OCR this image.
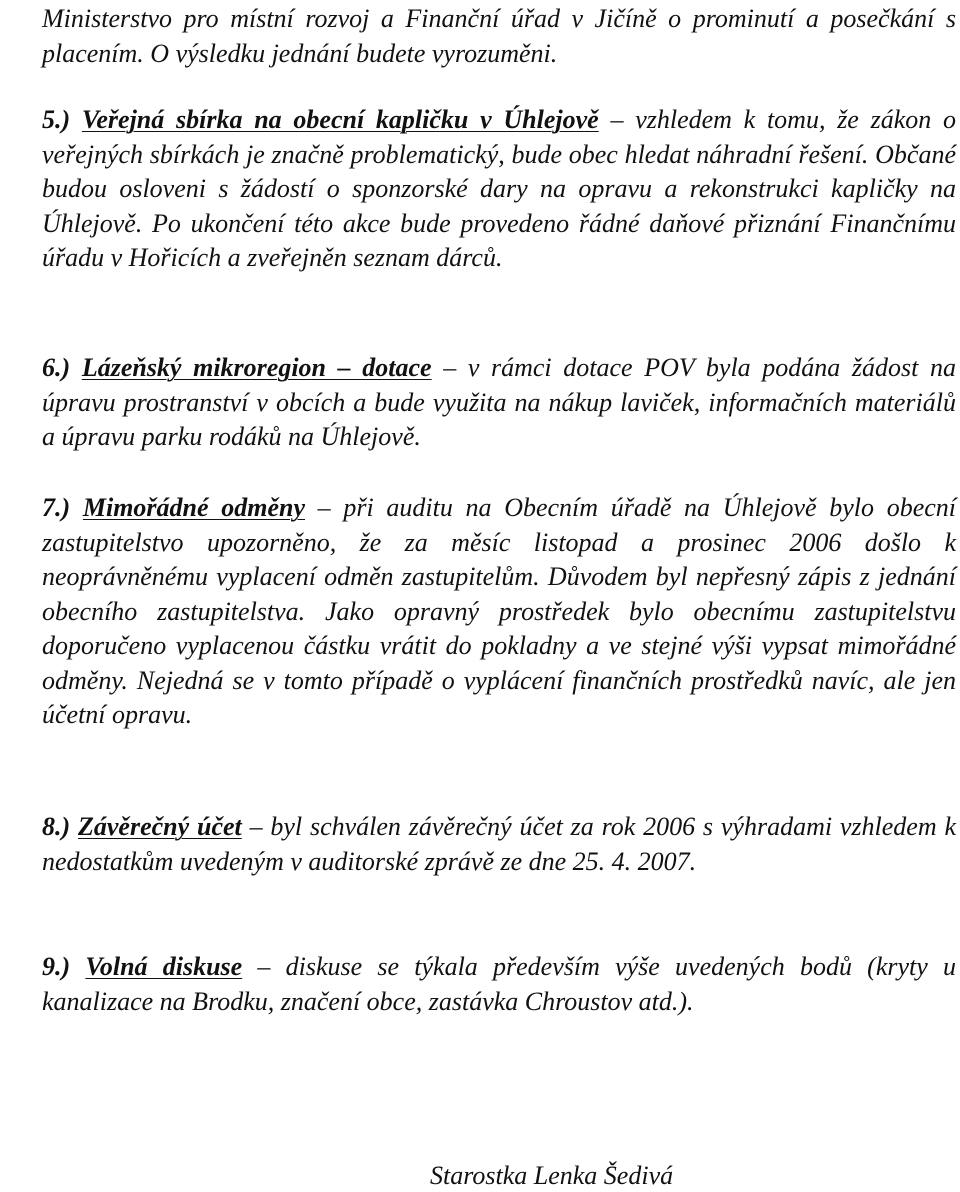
Ministerstvo pro místní rozvoj a Finanční úřad v Jičíně o prominutí a posečkání s placením. O výsledku jednání budete vyrozuměni.

5.) Veřejná sbírka na obecní kapličku v Úhlejově – vzhledem k tomu, že zákon o veřejných sbírkách je značně problematický, bude obec hledat náhradní řešení. Občané budou osloveni s žádostí o sponzorské dary na opravu a rekonstrukci kapličky na Úhlejově. Po ukončení této akce bude provedeno řádné daňové přiznání Finančnímu úřadu v Hořicích a zveřejněn seznam dárců.

6.) Lázeňský mikroregion – dotace – v rámci dotace POV byla podána žádost na úpravu prostranství v obcích a bude využita na nákup laviček, informačních materiálů a úpravu parku rodáků na Úhlejově.

7.) Mimořádné odměny – při auditu na Obecním úřadě na Úhlejově bylo obecní zastupitelstvo upozorněno, že za měsíc listopad a prosinec 2006 došlo k neoprávněnému vyplacení odměn zastupitelům. Důvodem byl nepřesný zápis z jednání obecního zastupitelstva. Jako opravný prostředek bylo obecnímu zastupitelstvu doporučeno vyplacenou částku vrátit do pokladny a ve stejné výši vypsat mimořádné odměny. Nejedná se v tomto případě o vyplácení finančních prostředků navíc, ale jen účetní opravu.

8.) Závěrečný účet – byl schválen závěrečný účet za rok 2006 s výhradami vzhledem k nedostatkům uvedeným v auditorské zprávě ze dne 25. 4. 2007.

9.) Volná diskuse – diskuse se týkala především výše uvedených bodů (kryty u kanalizace na Brodku, značení obce, zastávka Chroustov atd.).

Starostka Lenka Šedivá
